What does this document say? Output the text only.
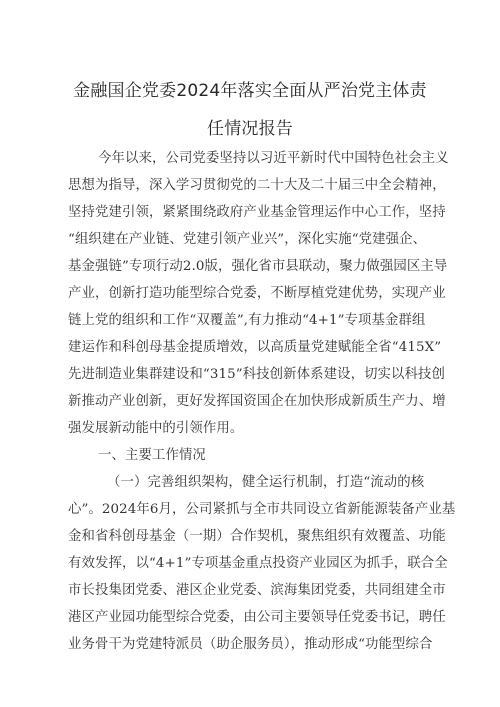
金融国企党委2024年落实全面从严治党主体责
任情况报告
今年以来，公司党委坚持以习近平新时代中国特色社会主义
思想为指导，深入学习贯彻党的二十大及二十届三中全会精神，
坚持党建引领，紧紧围绕政府产业基金管理运作中心工作，坚持
“组织建在产业链、党建引领产业兴”，深化实施“党建强企、
基金强链”专项行动2.0版，强化省市县联动，聚力做强园区主导
产业，创新打造功能型综合党委，不断厚植党建优势，实现产业
链上党的组织和工作“双覆盖”,有力推动“4+1”专项基金群组
建运作和科创母基金提质增效，以高质量党建赋能全省“415X”
先进制造业集群建设和“315”科技创新体系建设，切实以科技创
新推动产业创新，更好发挥国资国企在加快形成新质生产力、增
强发展新动能中的引领作用。
一、主要工作情况
（一）完善组织架构，健全运行机制，打造“流动的核
心”。2024年6月，公司紧抓与全市共同设立省新能源装备产业基
金和省科创母基金（一期）合作契机，聚焦组织有效覆盖、功能
有效发挥，以“4+1”专项基金重点投资产业园区为抓手，联合全
市长投集团党委、港区企业党委、滨海集团党委，共同组建全市
港区产业园功能型综合党委，由公司主要领导任党委书记，聘任
业务骨干为党建特派员（助企服务员），推动形成“功能型综合
